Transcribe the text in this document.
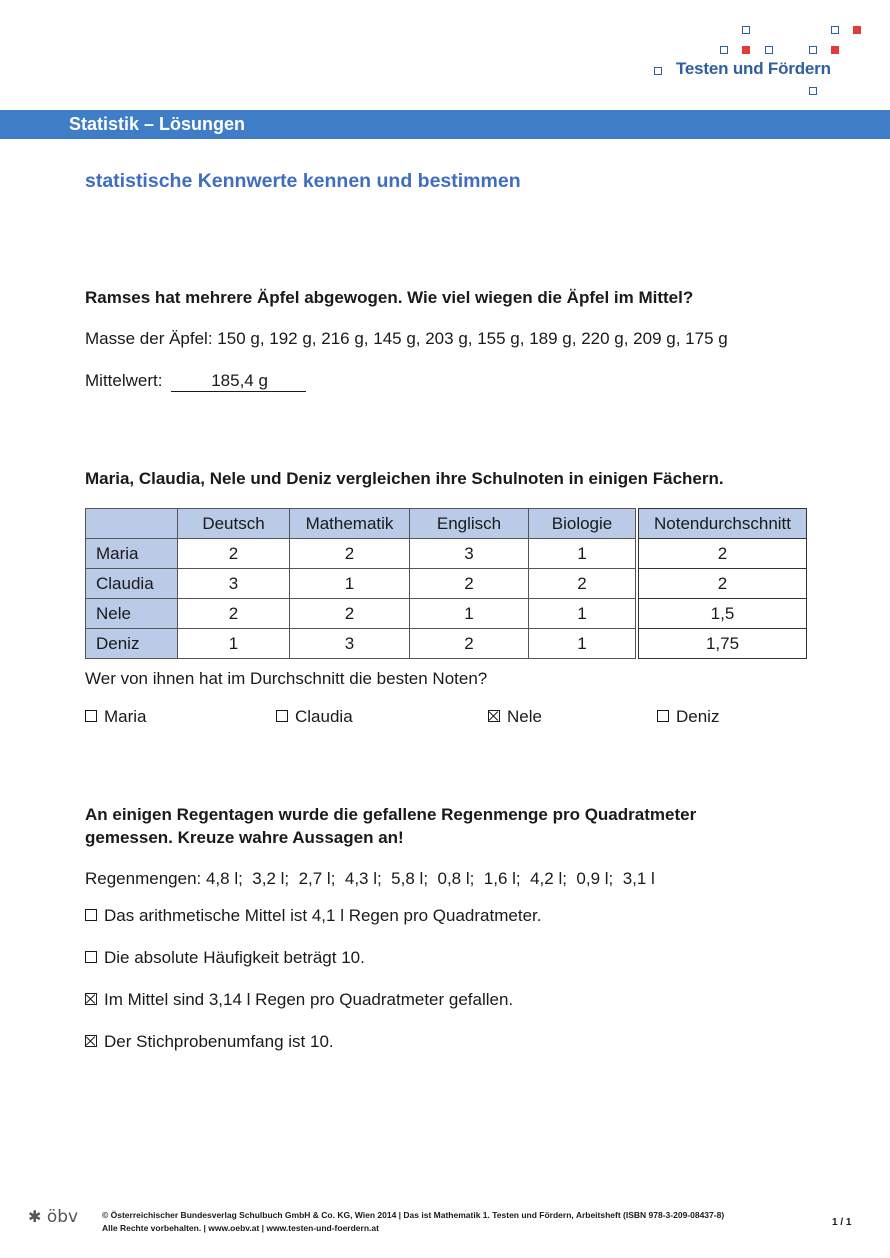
Testen und Fördern
Statistik – Lösungen
statistische Kennwerte kennen und bestimmen
Ramses hat mehrere Äpfel abgewogen. Wie viel wiegen die Äpfel im Mittel?
Masse der Äpfel: 150 g, 192 g, 216 g, 145 g, 203 g, 155 g, 189 g, 220 g, 209 g, 175 g
Mittelwert:	185,4 g
Maria, Claudia, Nele und Deniz vergleichen ihre Schulnoten in einigen Fächern.
	Deutsch	Mathematik	Englisch	Biologie		Notendurchschnitt
Maria	2	2	3	1		2
Claudia	3	1	2	2		2
Nele	2	2	1	1		1,5
Deniz	1	3	2	1		1,75
Wer von ihnen hat im Durchschnitt die besten Noten?
Maria	Claudia	Nele	Deniz
An einigen Regentagen wurde die gefallene Regenmenge pro Quadratmeter
gemessen. Kreuze wahre Aussagen an!
Regenmengen: 4,8 l;  3,2 l;  2,7 l;  4,3 l;  5,8 l;  0,8 l;  1,6 l;  4,2 l;  0,9 l;  3,1 l
Das arithmetische Mittel ist 4,1 l Regen pro Quadratmeter.
Die absolute Häufigkeit beträgt 10.
Im Mittel sind 3,14 l Regen pro Quadratmeter gefallen.
Der Stichprobenumfang ist 10.
✱ öbv	© Österreichischer Bundesverlag Schulbuch GmbH & Co. KG, Wien 2014 | Das ist Mathematik 1. Testen und Fördern, Arbeitsheft (ISBN 978-3-209-08437-8)
Alle Rechte vorbehalten. | www.oebv.at | www.testen-und-foerdern.at	1 / 1
